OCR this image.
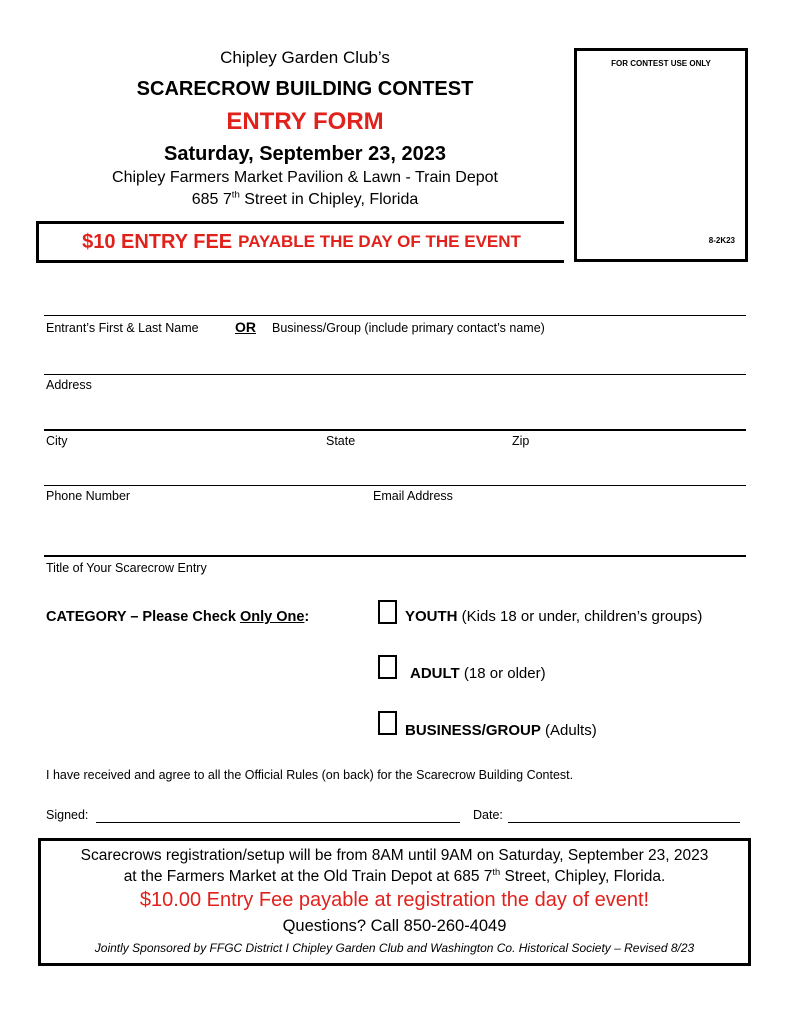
Chipley Garden Club’s
SCARECROW BUILDING CONTEST
ENTRY FORM
Saturday, September 23, 2023
Chipley Farmers Market Pavilion & Lawn - Train Depot
685 7th Street in Chipley, Florida
FOR CONTEST USE ONLY
8-2K23
$10 ENTRY FEE PAYABLE THE DAY OF THE EVENT
Entrant’s First & Last Name	OR Business/Group (include primary contact’s name)
Address
City	State	Zip
Phone Number	Email Address
Title of Your Scarecrow Entry
CATEGORY – Please Check Only One:	YOUTH (Kids 18 or under, children’s groups)
ADULT (18 or older)
BUSINESS/GROUP (Adults)
I have received and agree to all the Official Rules (on back) for the Scarecrow Building Contest.
Signed:	Date:
Scarecrows registration/setup will be from 8AM until 9AM on Saturday, September 23, 2023
at the Farmers Market at the Old Train Depot at 685 7th Street, Chipley, Florida.
$10.00 Entry Fee payable at registration the day of event!
Questions? Call 850-260-4049
Jointly Sponsored by FFGC District I Chipley Garden Club and Washington Co. Historical Society – Revised 8/23
